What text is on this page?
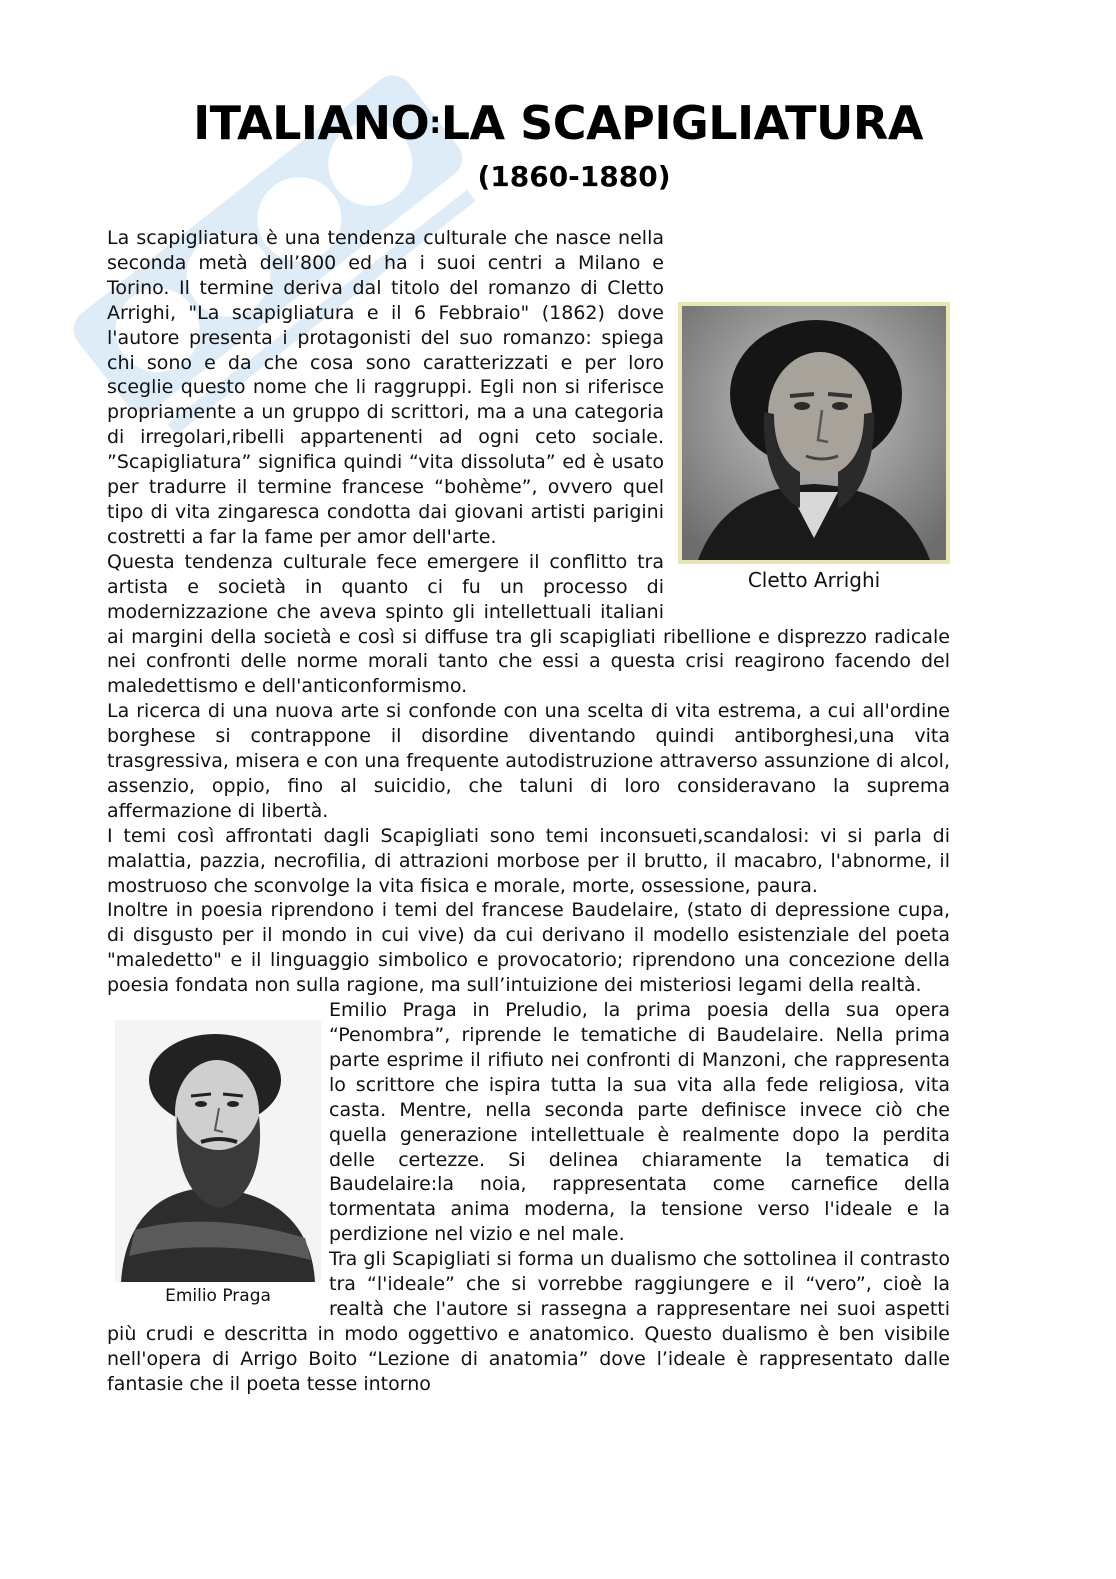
ITALIANO:LA SCAPIGLIATURA
(1860-1880)
Cletto Arrighi

La scapigliatura è una tendenza culturale che nasce nella seconda metà dell’800 ed ha i suoi centri a Milano e Torino. Il termine deriva dal titolo del romanzo di Cletto Arrighi, "La scapigliatura e il 6 Febbraio" (1862) dove l'autore presenta i protagonisti del suo romanzo: spiega chi sono e da che cosa sono caratterizzati e per loro sceglie questo nome che li raggruppi. Egli non si riferisce propriamente a un gruppo di scrittori, ma a una categoria di irregolari,ribelli appartenenti ad ogni ceto sociale. ”Scapigliatura” significa quindi “vita dissoluta” ed è usato per tradurre il termine francese “bohème”, ovvero quel tipo di vita zingaresca condotta dai giovani artisti parigini costretti a far la fame per amor dell'arte.

Questa tendenza culturale fece emergere il conflitto tra artista e società in quanto ci fu un processo di modernizzazione che aveva spinto gli intellettuali italiani ai margini della società e così si diffuse tra gli scapigliati ribellione e disprezzo radicale nei confronti delle norme morali tanto che essi a questa crisi reagirono facendo del maledettismo e dell'anticonformismo.

La ricerca di una nuova arte si confonde con una scelta di vita estrema, a cui all'ordine borghese si contrappone il disordine diventando quindi antiborghesi,una vita trasgressiva, misera e con una frequente autodistruzione attraverso assunzione di alcol, assenzio, oppio, fino al suicidio, che taluni di loro consideravano la suprema affermazione di libertà.

I temi così affrontati dagli Scapigliati sono temi inconsueti,scandalosi: vi si parla di malattia, pazzia, necrofilia, di attrazioni morbose per il brutto, il macabro, l'abnorme, il mostruoso che sconvolge la vita fisica e morale, morte, ossessione, paura.

Inoltre in poesia riprendono i temi del francese Baudelaire, (stato di depressione cupa, di disgusto per il mondo in cui vive) da cui derivano il modello esistenziale del poeta "maledetto" e il linguaggio simbolico e provocatorio; riprendono una concezione della poesia fondata non sulla ragione, ma sull’intuizione dei misteriosi legami della realtà.

Emilio Praga

Emilio Praga in Preludio, la prima poesia della sua opera “Penombra”, riprende le tematiche di Baudelaire. Nella prima parte esprime il rifiuto nei confronti di Manzoni, che rappresenta lo scrittore che ispira tutta la sua vita alla fede religiosa, vita casta. Mentre, nella seconda parte definisce invece ciò che quella generazione intellettuale è realmente dopo la perdita delle certezze. Si delinea chiaramente la tematica di Baudelaire:la noia, rappresentata come carnefice della tormentata anima moderna, la tensione verso l'ideale e la perdizione nel vizio e nel male.

Tra gli Scapigliati si forma un dualismo che sottolinea il contrasto tra “l'ideale” che si vorrebbe raggiungere e il “vero”, cioè la realtà che l'autore si rassegna a rappresentare nei suoi aspetti più crudi e descritta in modo oggettivo e anatomico. Questo dualismo è ben visibile nell'opera di Arrigo Boito “Lezione di anatomia” dove l’ideale è rappresentato dalle fantasie che il poeta tesse intorno
